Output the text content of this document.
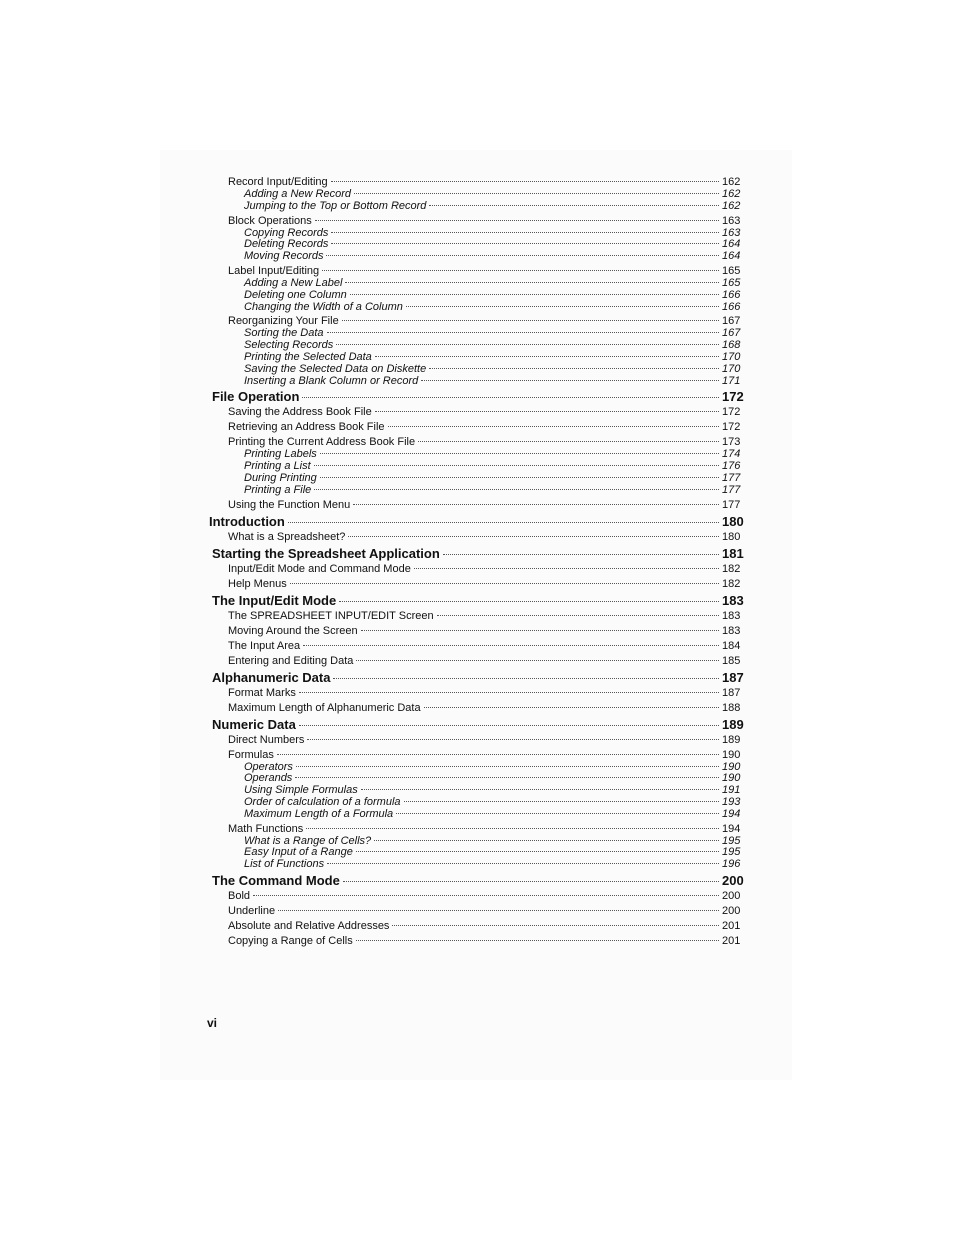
Record Input/Editing	162
Adding a New Record	162
Jumping to the Top or Bottom Record	162
Block Operations	163
Copying Records	163
Deleting Records	164
Moving Records	164
Label Input/Editing	165
Adding a New Label	165
Deleting one Column	166
Changing the Width of a Column	166
Reorganizing Your File	167
Sorting the Data	167
Selecting Records	168
Printing the Selected Data	170
Saving the Selected Data on Diskette	170
Inserting a Blank Column or Record	171
File Operation	172
Saving the Address Book File	172
Retrieving an Address Book File	172
Printing the Current Address Book File	173
Printing Labels	174
Printing a List	176
During Printing	177
Printing a File	177
Using the Function Menu	177
Introduction	180
What is a Spreadsheet?	180
Starting the Spreadsheet Application	181
Input/Edit Mode and Command Mode	182
Help Menus	182
The Input/Edit Mode	183
The SPREADSHEET INPUT/EDIT Screen	183
Moving Around the Screen	183
The Input Area	184
Entering and Editing Data	185
Alphanumeric Data	187
Format Marks	187
Maximum Length of Alphanumeric Data	188
Numeric Data	189
Direct Numbers	189
Formulas	190
Operators	190
Operands	190
Using Simple Formulas	191
Order of calculation of a formula	193
Maximum Length of a Formula	194
Math Functions	194
What is a Range of Cells?	195
Easy Input of a Range	195
List of Functions	196
The Command Mode	200
Bold	200
Underline	200
Absolute and Relative Addresses	201
Copying a Range of Cells	201
vi
